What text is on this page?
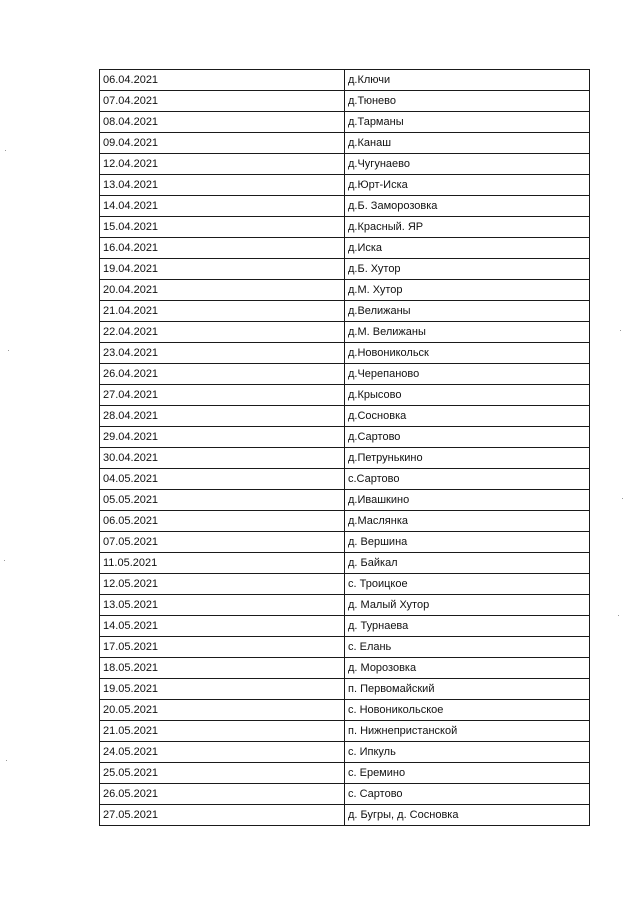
06.04.2021	д.Ключи
07.04.2021	д.Тюнево
08.04.2021	д.Тарманы
09.04.2021	д.Канаш
12.04.2021	д.Чугунаево
13.04.2021	д.Юрт-Иска
14.04.2021	д.Б. Заморозовка
15.04.2021	д.Красный. ЯР
16.04.2021	д.Иска
19.04.2021	д.Б. Хутор
20.04.2021	д.М. Хутор
21.04.2021	д.Велижаны
22.04.2021	д.М. Велижаны
23.04.2021	д.Новоникольск
26.04.2021	д.Черепаново
27.04.2021	д.Крысово
28.04.2021	д.Сосновка
29.04.2021	д.Сартово
30.04.2021	д.Петрунькино
04.05.2021	с.Сартово
05.05.2021	д.Ивашкино
06.05.2021	д.Маслянка
07.05.2021	д. Вершина
11.05.2021	д. Байкал
12.05.2021	с. Троицкое
13.05.2021	д. Малый Хутор
14.05.2021	д. Турнаева
17.05.2021	с. Елань
18.05.2021	д. Морозовка
19.05.2021	п. Первомайский
20.05.2021	с. Новоникольское
21.05.2021	п. Нижнепристанской
24.05.2021	с. Ипкуль
25.05.2021	с. Еремино
26.05.2021	с. Сартово
27.05.2021	д. Бугры, д. Сосновка
